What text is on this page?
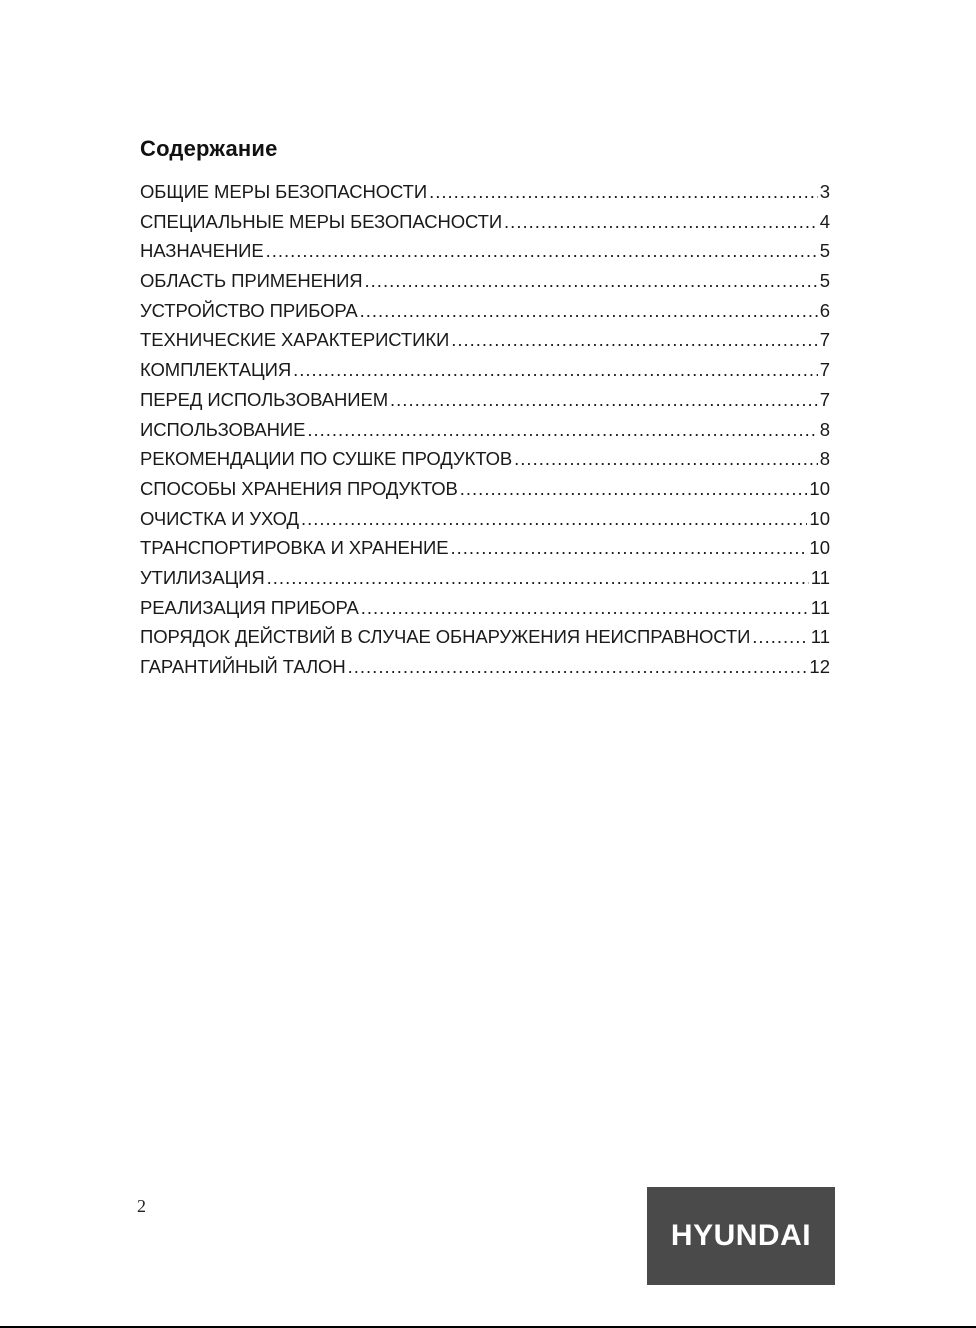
Содержание
ОБЩИЕ МЕРЫ БЕЗОПАСНОСТИ .....	3
СПЕЦИАЛЬНЫЕ МЕРЫ БЕЗОПАСНОСТИ .....	4
НАЗНАЧЕНИЕ .....	5
ОБЛАСТЬ ПРИМЕНЕНИЯ .....	5
УСТРОЙСТВО ПРИБОРА .....	6
ТЕХНИЧЕСКИЕ ХАРАКТЕРИСТИКИ .....	7
КОМПЛЕКТАЦИЯ .....	7
ПЕРЕД ИСПОЛЬЗОВАНИЕМ .....	7
ИСПОЛЬЗОВАНИЕ .....	8
РЕКОМЕНДАЦИИ ПО СУШКЕ ПРОДУКТОВ .....	8
СПОСОБЫ ХРАНЕНИЯ ПРОДУКТОВ .....	10
ОЧИСТКА И УХОД .....	10
ТРАНСПОРТИРОВКА И ХРАНЕНИЕ .....	10
УТИЛИЗАЦИЯ .....	11
РЕАЛИЗАЦИЯ ПРИБОРА .....	11
ПОРЯДОК ДЕЙСТВИЙ В СЛУЧАЕ ОБНАРУЖЕНИЯ НЕИСПРАВНОСТИ .....	11
ГАРАНТИЙНЫЙ ТАЛОН .....	12
2
HYUNDAI
